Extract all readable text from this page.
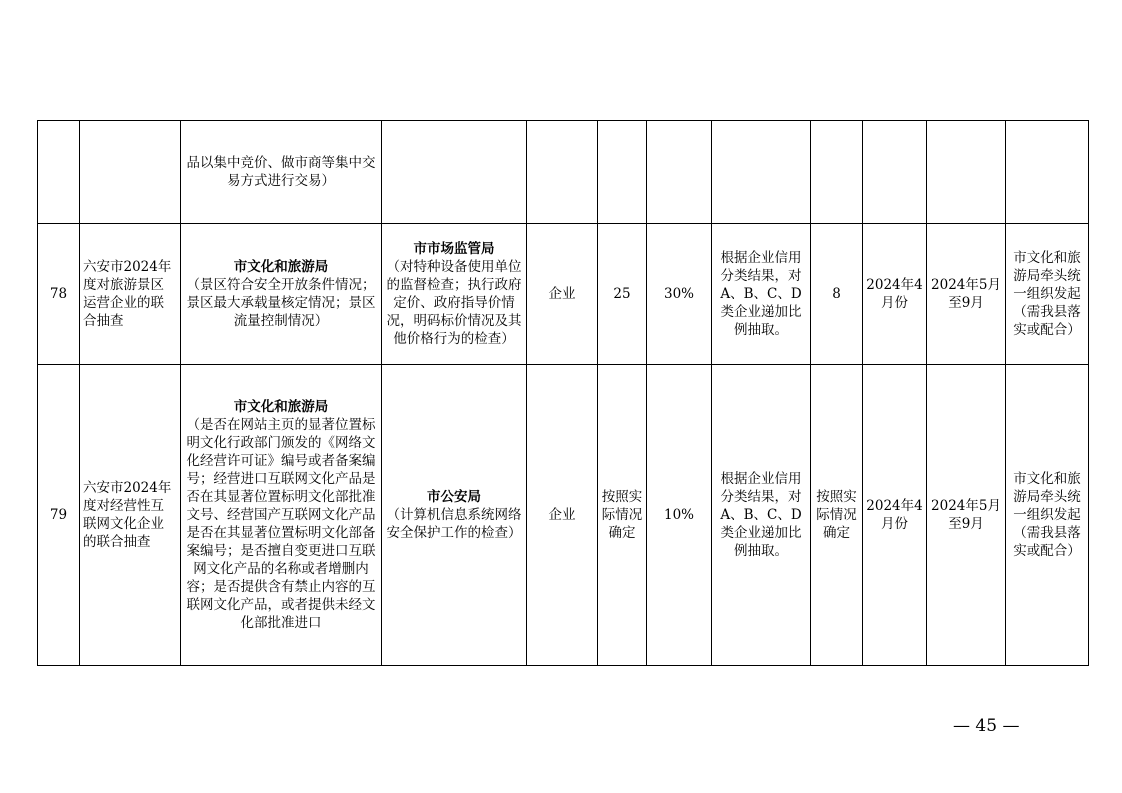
		品以集中竞价、做市商等集中交易方式进行交易）									

78	六安市2024年度对旅游景区运营企业的联合抽查	市文化和旅游局
（景区符合安全开放条件情况；景区最大承载量核定情况；景区流量控制情况）	市市场监管局
（对特种设备使用单位的监督检查；执行政府定价、政府指导价情况，明码标价情况及其他价格行为的检查）	企业	25	30%	根据企业信用分类结果，对A、B、C、D类企业递加比例抽取。	8	2024年4月份	2024年5月至9月	市文化和旅游局牵头统一组织发起（需我县落实或配合）
79	六安市2024年度对经营性互联网文化企业的联合抽查	市文化和旅游局
（是否在网站主页的显著位置标明文化行政部门颁发的《网络文化经营许可证》编号或者备案编号；经营进口互联网文化产品是否在其显著位置标明文化部批准文号、经营国产互联网文化产品是否在其显著位置标明文化部备案编号；是否擅自变更进口互联网文化产品的名称或者增删内容；是否提供含有禁止内容的互联网文化产品，或者提供未经文化部批准进口	市公安局
（计算机信息系统网络安全保护工作的检查）	企业	按照实际情况确定	10%	根据企业信用分类结果，对A、B、C、D类企业递加比例抽取。	按照实际情况确定	2024年4月份	2024年5月至9月	市文化和旅游局牵头统一组织发起（需我县落实或配合）
— 45 —
